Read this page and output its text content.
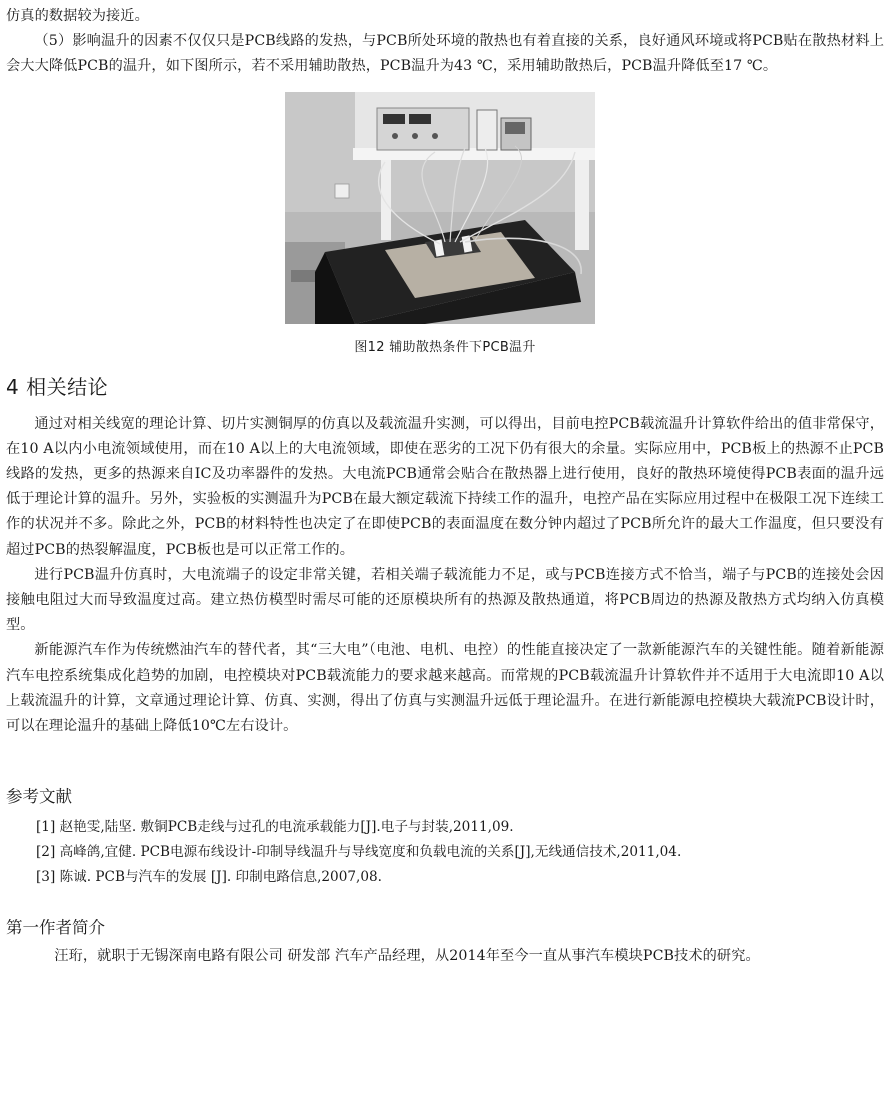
仿真的数据较为接近。

（5）影响温升的因素不仅仅只是PCB线路的发热，与PCB所处环境的散热也有着直接的关系，良好通风环境或将PCB贴在散热材料上会大大降低PCB的温升，如下图所示，若不采用辅助散热，PCB温升为43 ℃，采用辅助散热后，PCB温升降低至17 ℃。

图12 辅助散热条件下PCB温升
4 相关结论

通过对相关线宽的理论计算、切片实测铜厚的仿真以及载流温升实测，可以得出，目前电控PCB载流温升计算软件给出的值非常保守，在10 A以内小电流领域使用，而在10 A以上的大电流领域，即使在恶劣的工况下仍有很大的余量。实际应用中，PCB板上的热源不止PCB线路的发热，更多的热源来自IC及功率器件的发热。大电流PCB通常会贴合在散热器上进行使用，良好的散热环境使得PCB表面的温升远低于理论计算的温升。另外，实验板的实测温升为PCB在最大额定载流下持续工作的温升，电控产品在实际应用过程中在极限工况下连续工作的状况并不多。除此之外，PCB的材料特性也决定了在即使PCB的表面温度在数分钟内超过了PCB所允许的最大工作温度，但只要没有超过PCB的热裂解温度，PCB板也是可以正常工作的。

进行PCB温升仿真时，大电流端子的设定非常关键，若相关端子载流能力不足，或与PCB连接方式不恰当，端子与PCB的连接处会因接触电阻过大而导致温度过高。建立热仿模型时需尽可能的还原模块所有的热源及散热通道，将PCB周边的热源及散热方式均纳入仿真模型。

新能源汽车作为传统燃油汽车的替代者，其“三大电”（电池、电机、电控）的性能直接决定了一款新能源汽车的关键性能。随着新能源汽车电控系统集成化趋势的加剧，电控模块对PCB载流能力的要求越来越高。而常规的PCB载流温升计算软件并不适用于大电流即10 A以上载流温升的计算，文章通过理论计算、仿真、实测，得出了仿真与实测温升远低于理论温升。在进行新能源电控模块大载流PCB设计时，可以在理论温升的基础上降低10℃左右设计。

参考文献
[1] 赵艳雯,陆坚. 敷铜PCB走线与过孔的电流承载能力[J].电子与封装,2011,09.
[2] 高峰鸽,宜健. PCB电源布线设计-印制导线温升与导线宽度和负载电流的关系[J],无线通信技术,2011,04.
[3] 陈诚. PCB与汽车的发展 [J]. 印制电路信息,2007,08.
第一作者简介

汪珩，就职于无锡深南电路有限公司 研发部 汽车产品经理，从2014年至今一直从事汽车模块PCB技术的研究。
